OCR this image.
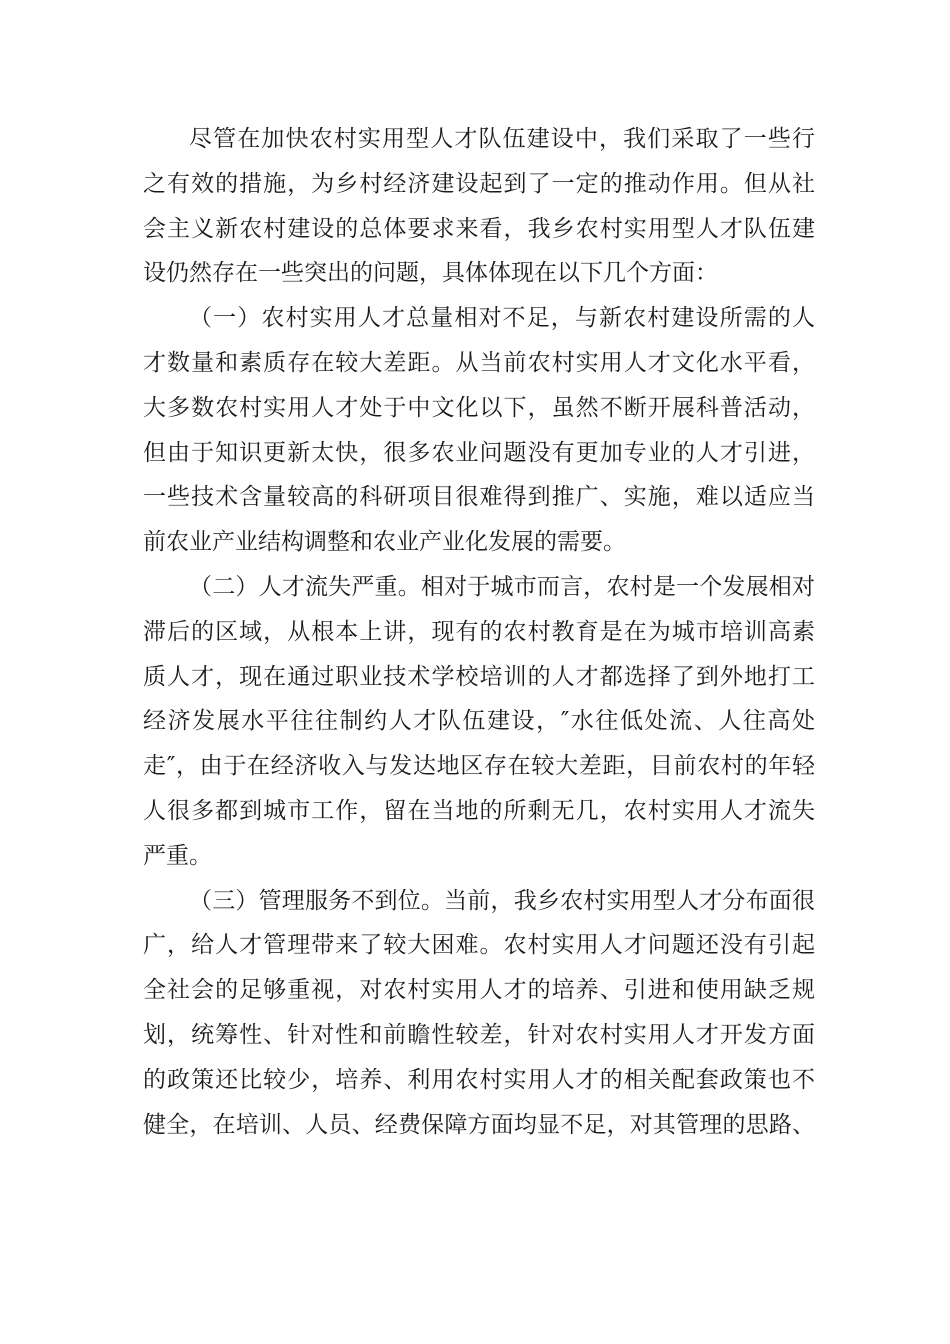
尽管在加快农村实用型人才队伍建设中，我们采取了一些行
之有效的措施，为乡村经济建设起到了一定的推动作用。但从社
会主义新农村建设的总体要求来看，我乡农村实用型人才队伍建
设仍然存在一些突出的问题，具体体现在以下几个方面：
（一）农村实用人才总量相对不足，与新农村建设所需的人
才数量和素质存在较大差距。从当前农村实用人才文化水平看，
大多数农村实用人才处于中文化以下，虽然不断开展科普活动，
但由于知识更新太快，很多农业问题没有更加专业的人才引进，
一些技术含量较高的科研项目很难得到推广、实施，难以适应当
前农业产业结构调整和农业产业化发展的需要。
（二）人才流失严重。相对于城市而言，农村是一个发展相对
滞后的区域，从根本上讲，现有的农村教育是在为城市培训高素
质人才，现在通过职业技术学校培训的人才都选择了到外地打工
经济发展水平往往制约人才队伍建设，″水往低处流、人往高处
走″，由于在经济收入与发达地区存在较大差距，目前农村的年轻
人很多都到城市工作，留在当地的所剩无几，农村实用人才流失
严重。
（三）管理服务不到位。当前，我乡农村实用型人才分布面很
广，给人才管理带来了较大困难。农村实用人才问题还没有引起
全社会的足够重视，对农村实用人才的培养、引进和使用缺乏规
划，统筹性、针对性和前瞻性较差，针对农村实用人才开发方面
的政策还比较少，培养、利用农村实用人才的相关配套政策也不
健全，在培训、人员、经费保障方面均显不足，对其管理的思路、
